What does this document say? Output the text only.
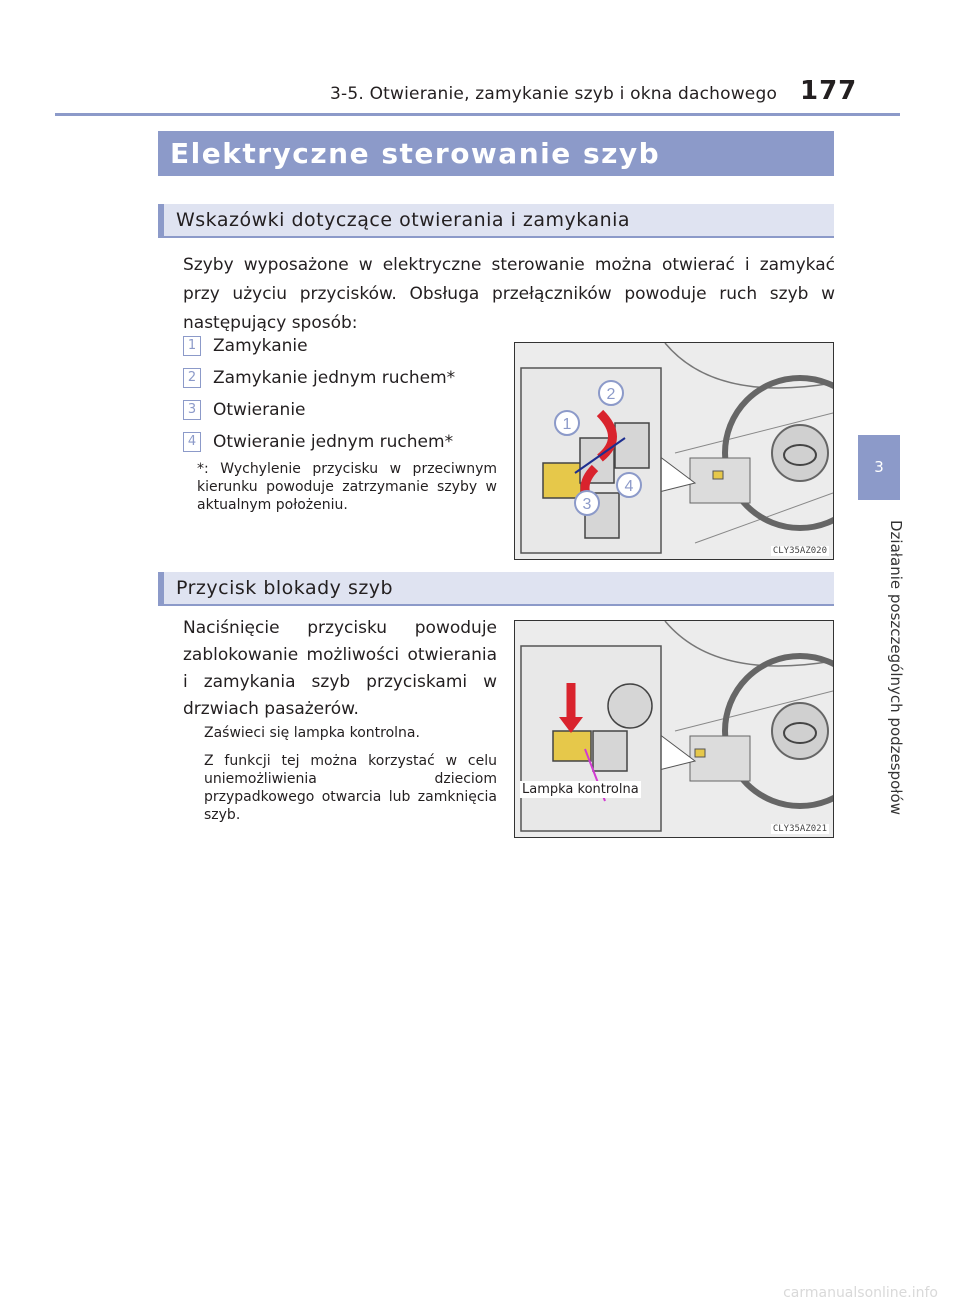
3-5. Otwieranie, zamykanie szyb i okna dachowego 177
3
Działanie poszczególnych podzespołów
Elektryczne sterowanie szyb
Wskazówki dotyczące otwierania i zamykania
Szyby wyposażone w elektryczne sterowanie można otwierać i zamykać przy użyciu przycisków. Obsługa przełączników powoduje ruch szyb w następujący sposób:
1 Zamykanie
2 Zamykanie jednym ruchem*
3 Otwieranie
4 Otwieranie jednym ruchem*
*: Wychylenie przycisku w przeciwnym kierunku powoduje zatrzymanie szyby w aktualnym położeniu.
1
2
3
4
CLY35AZ020
Przycisk blokady szyb
Naciśnięcie przycisku powoduje zablokowanie możliwości otwierania i zamykania szyb przyciskami w drzwiach pasażerów.
Zaświeci się lampka kontrolna.
Z funkcji tej można korzystać w celu uniemożliwienia dzieciom przypadkowego otwarcia lub zamknięcia szyb.
Lampka kontrolna
CLY35AZ021
carmanualsonline.info
